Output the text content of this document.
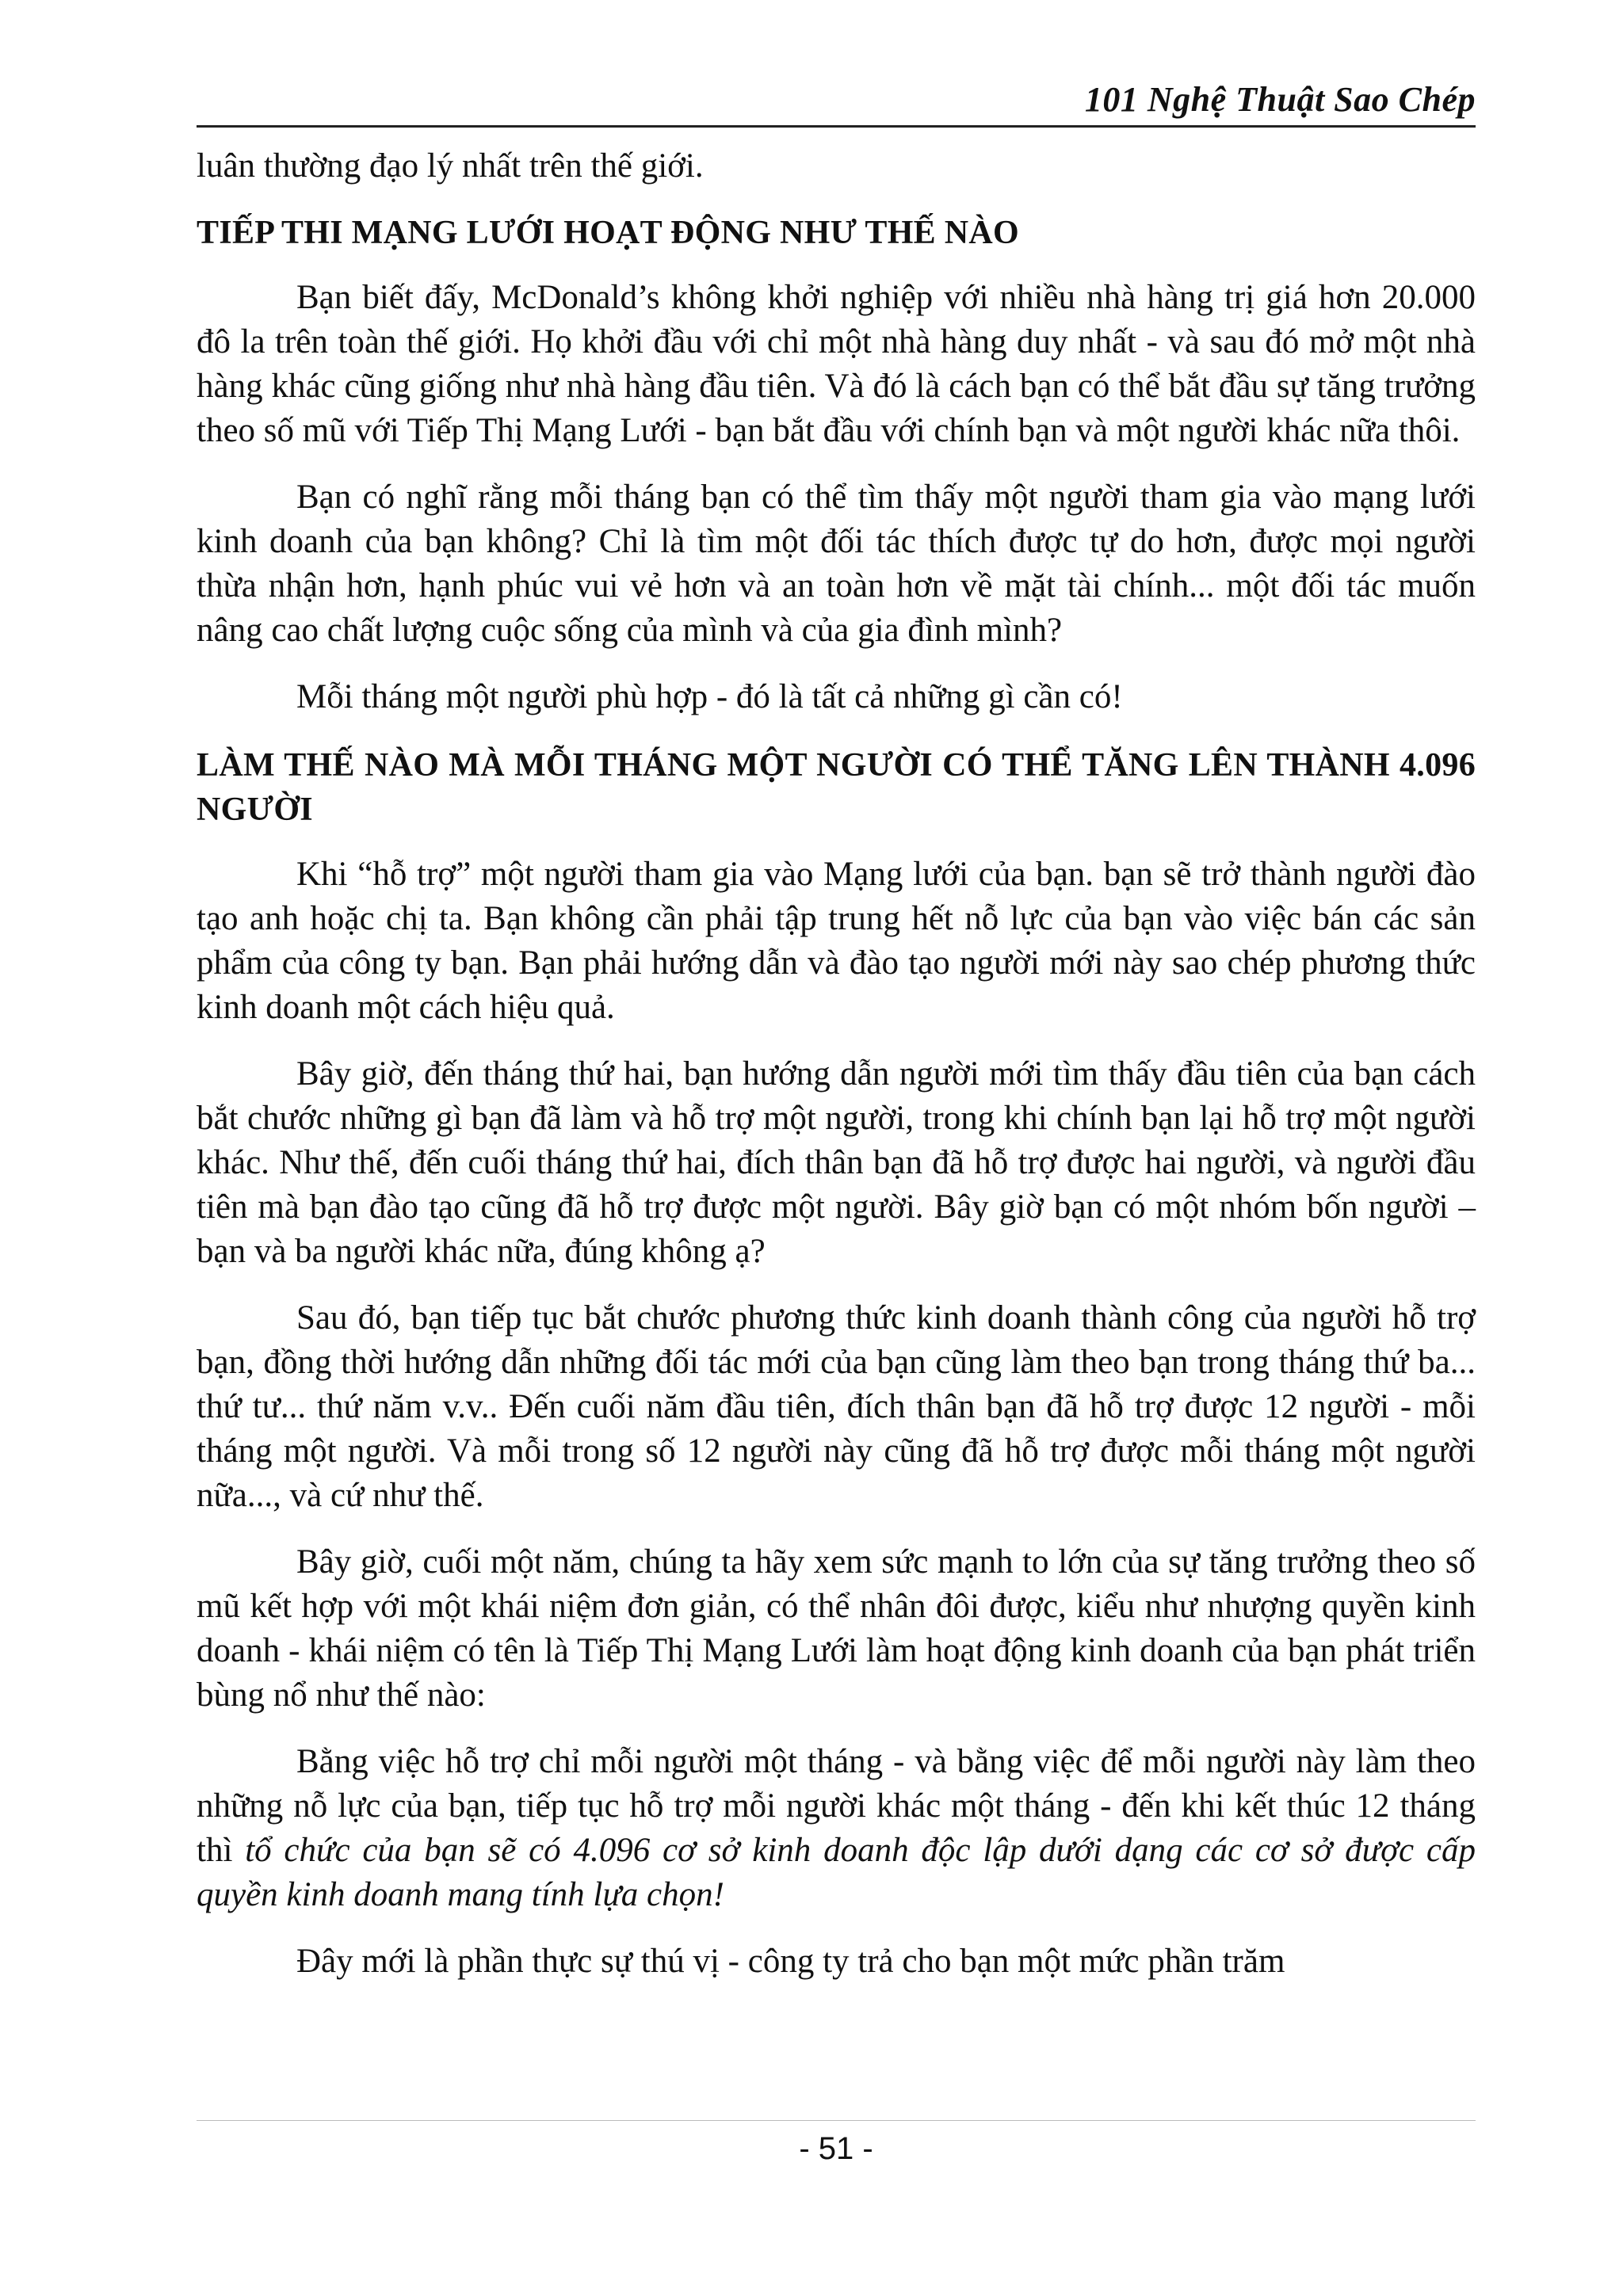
101 Nghệ Thuật Sao Chép

luân thường đạo lý nhất trên thế giới.

TIẾP THI MẠNG LƯỚI HOẠT ĐỘNG NHƯ THẾ NÀO

Bạn biết đấy, McDonald’s không khởi nghiệp với nhiều nhà hàng trị giá hơn 20.000 đô la trên toàn thế giới. Họ khởi đầu với chỉ một nhà hàng duy nhất - và sau đó mở một nhà hàng khác cũng giống như nhà hàng đầu tiên. Và đó là cách bạn có thể bắt đầu sự tăng trưởng theo số mũ với Tiếp Thị Mạng Lưới - bạn bắt đầu với chính bạn và một người khác nữa thôi.

Bạn có nghĩ rằng mỗi tháng bạn có thể tìm thấy một người tham gia vào mạng lưới kinh doanh của bạn không? Chỉ là tìm một đối tác thích được tự do hơn, được mọi người thừa nhận hơn, hạnh phúc vui vẻ hơn và an toàn hơn về mặt tài chính... một đối tác muốn nâng cao chất lượng cuộc sống của mình và của gia đình mình?

Mỗi tháng một người phù hợp - đó là tất cả những gì cần có!

LÀM THẾ NÀO MÀ MỖI THÁNG MỘT NGƯỜI CÓ THỂ TĂNG LÊN THÀNH 4.096 NGƯỜI

Khi “hỗ trợ” một người tham gia vào Mạng lưới của bạn. bạn sẽ trở thành người đào tạo anh hoặc chị ta. Bạn không cần phải tập trung hết nỗ lực của bạn vào việc bán các sản phẩm của công ty bạn. Bạn phải hướng dẫn và đào tạo người mới này sao chép phương thức kinh doanh một cách hiệu quả.

Bây giờ, đến tháng thứ hai, bạn hướng dẫn người mới tìm thấy đầu tiên của bạn cách bắt chước những gì bạn đã làm và hỗ trợ một người, trong khi chính bạn lại hỗ trợ một người khác. Như thế, đến cuối tháng thứ hai, đích thân bạn đã hỗ trợ được hai người, và người đầu tiên mà bạn đào tạo cũng đã hỗ trợ được một người. Bây giờ bạn có một nhóm bốn người – bạn và ba người khác nữa, đúng không ạ?

Sau đó, bạn tiếp tục bắt chước phương thức kinh doanh thành công của người hỗ trợ bạn, đồng thời hướng dẫn những đối tác mới của bạn cũng làm theo bạn trong tháng thứ ba... thứ tư... thứ năm v.v.. Đến cuối năm đầu tiên, đích thân bạn đã hỗ trợ được 12 người - mỗi tháng một người. Và mỗi trong số 12 người này cũng đã hỗ trợ được mỗi tháng một người nữa..., và cứ như thế.

Bây giờ, cuối một năm, chúng ta hãy xem sức mạnh to lớn của sự tăng trưởng theo số mũ kết hợp với một khái niệm đơn giản, có thể nhân đôi được, kiểu như nhượng quyền kinh doanh - khái niệm có tên là Tiếp Thị Mạng Lưới làm hoạt động kinh doanh của bạn phát triển bùng nổ như thế nào:

Bằng việc hỗ trợ chỉ mỗi người một tháng - và bằng việc để mỗi người này làm theo những nỗ lực của bạn, tiếp tục hỗ trợ mỗi người khác một tháng - đến khi kết thúc 12 tháng thì tổ chức của bạn sẽ có 4.096 cơ sở kinh doanh độc lập dưới dạng các cơ sở được cấp quyền kinh doanh mang tính lựa chọn!

Đây mới là phần thực sự thú vị - công ty trả cho bạn một mức phần trăm

- 51 -
